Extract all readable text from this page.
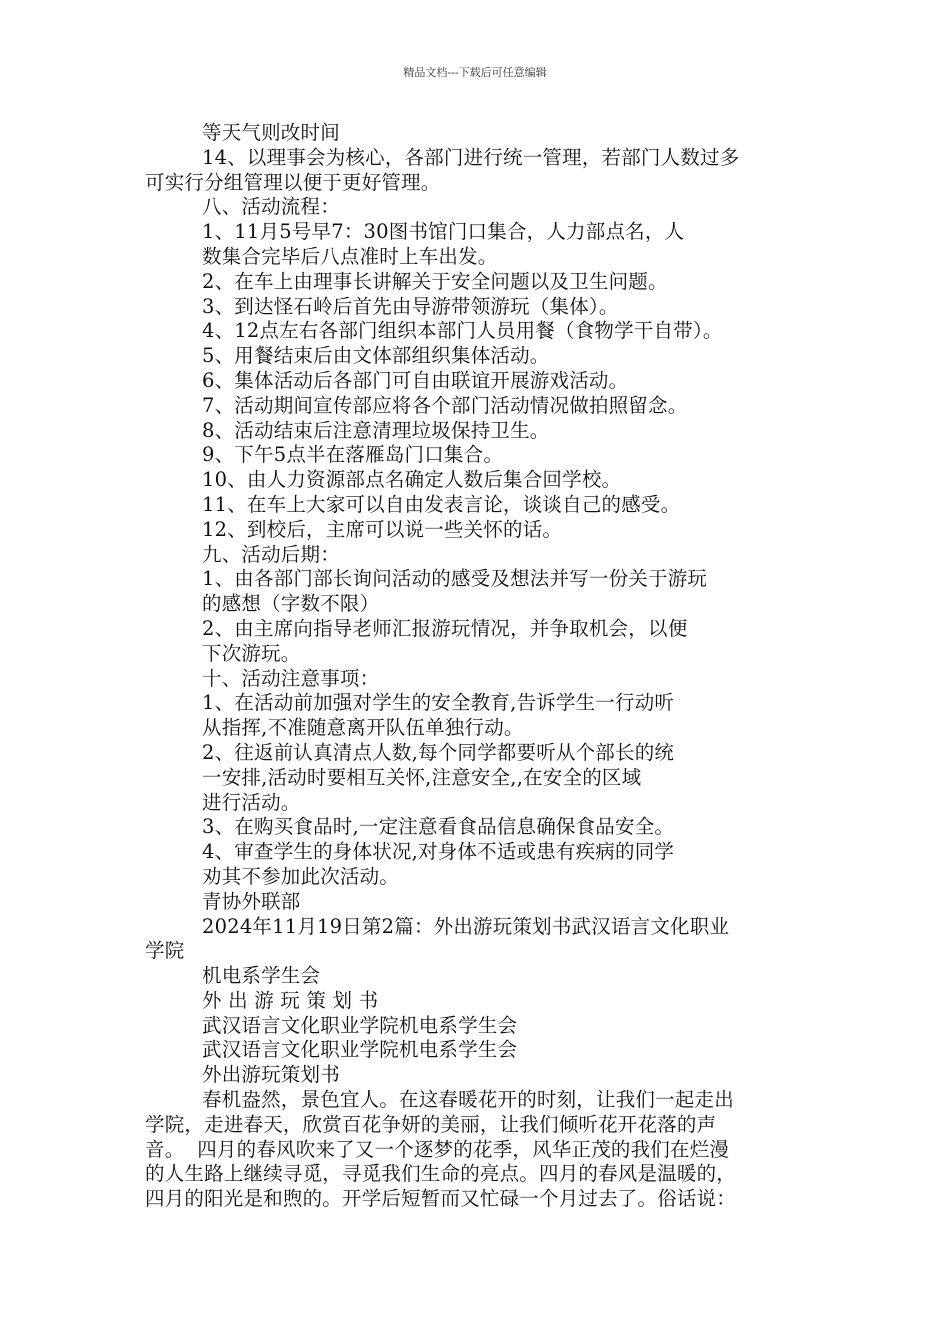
精品文档---下载后可任意编辑
等天气则改时间
14、以理事会为核心，各部门进行统一管理，若部门人数过多
可实行分组管理以便于更好管理。
八、活动流程：
1、11月5号早7：30图书馆门口集合，人力部点名，人
数集合完毕后八点准时上车出发。
2、在车上由理事长讲解关于安全问题以及卫生问题。
3、到达怪石岭后首先由导游带领游玩（集体）。
4、12点左右各部门组织本部门人员用餐（食物学干自带）。
5、用餐结束后由文体部组织集体活动。
6、集体活动后各部门可自由联谊开展游戏活动。
7、活动期间宣传部应将各个部门活动情况做拍照留念。
8、活动结束后注意清理垃圾保持卫生。
9、下午5点半在落雁岛门口集合。
10、由人力资源部点名确定人数后集合回学校。
11、在车上大家可以自由发表言论，谈谈自己的感受。
12、到校后，主席可以说一些关怀的话。
九、活动后期：
1、由各部门部长询问活动的感受及想法并写一份关于游玩
的感想（字数不限）
2、由主席向指导老师汇报游玩情况，并争取机会，以便
下次游玩。
十、活动注意事项：
1、在活动前加强对学生的安全教育,告诉学生一行动听
从指挥,不准随意离开队伍单独行动。
2、往返前认真清点人数,每个同学都要听从个部长的统
一安排,活动时要相互关怀,注意安全,,在安全的区域
进行活动。
3、在购买食品时,一定注意看食品信息确保食品安全。
4、审查学生的身体状况,对身体不适或患有疾病的同学
劝其不参加此次活动。
青协外联部
2024年11月19日第2篇：外出游玩策划书武汉语言文化职业
学院
机电系学生会
外 出 游 玩 策 划 书
武汉语言文化职业学院机电系学生会
武汉语言文化职业学院机电系学生会
外出游玩策划书
春机盎然，景色宜人。在这春暖花开的时刻，让我们一起走出
学院，走进春天，欣赏百花争妍的美丽，让我们倾听花开花落的声
音。  四月的春风吹来了又一个逐梦的花季，风华正茂的我们在烂漫
的人生路上继续寻觅，寻觅我们生命的亮点。四月的春风是温暖的，
四月的阳光是和煦的。开学后短暂而又忙碌一个月过去了。俗话说：
